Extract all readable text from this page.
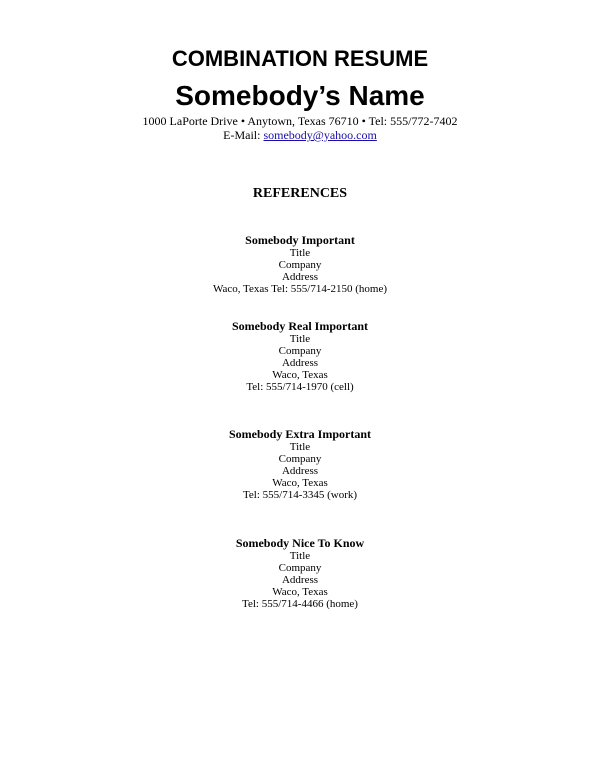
COMBINATION RESUME
Somebody’s Name
1000 LaPorte Drive • Anytown, Texas 76710 • Tel: 555/772-7402
E-Mail: somebody@yahoo.com
REFERENCES
Somebody Important
Title
Company
Address
Waco, Texas Tel: 555/714-2150 (home)
Somebody Real Important
Title
Company
Address
Waco, Texas
Tel: 555/714-1970 (cell)
Somebody Extra Important
Title
Company
Address
Waco, Texas
Tel: 555/714-3345 (work)
Somebody Nice To Know
Title
Company
Address
Waco, Texas
Tel: 555/714-4466 (home)
